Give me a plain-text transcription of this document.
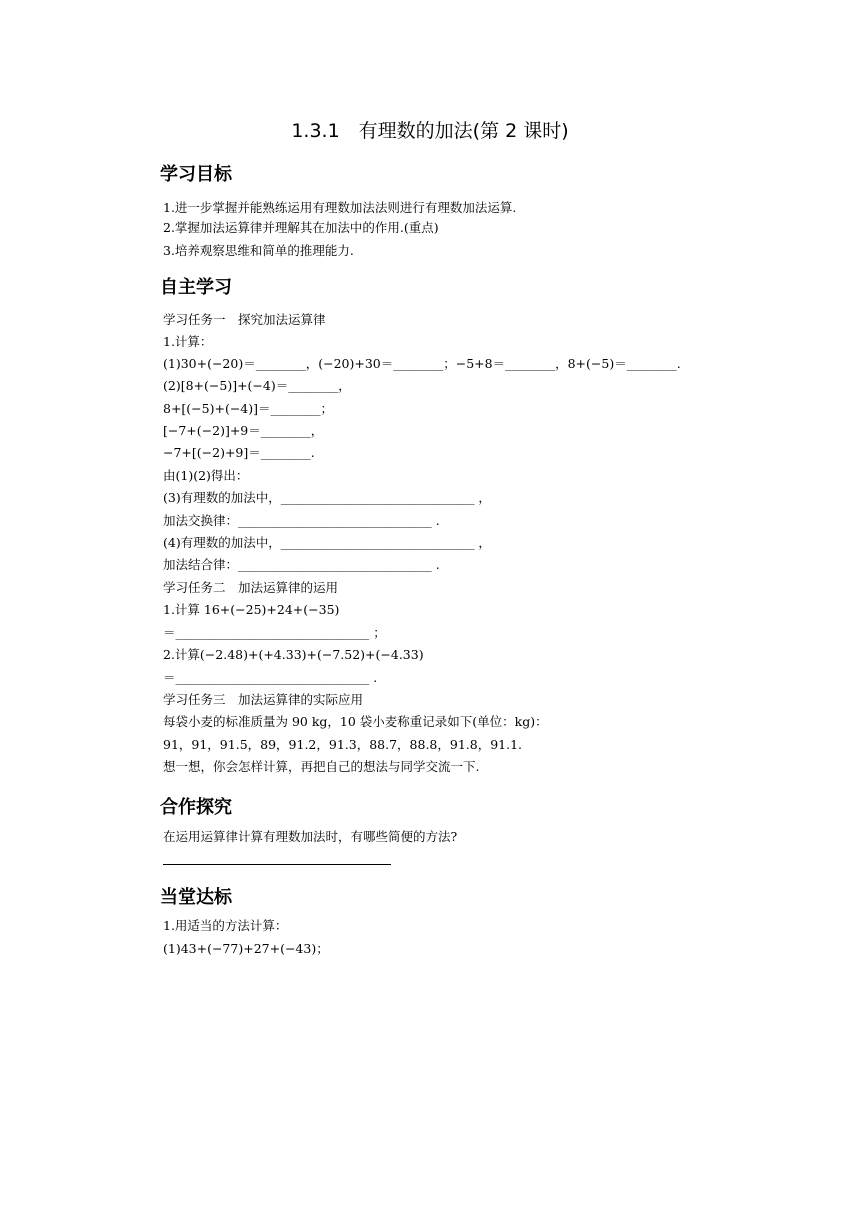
1.3.1　有理数的加法(第 2 课时)
学习目标
1.进一步掌握并能熟练运用有理数加法法则进行有理数加法运算.
2.掌握加法运算律并理解其在加法中的作用.(重点)
3.培养观察思维和简单的推理能力.
自主学习
学习任务一　探究加法运算律
1.计算：
(1)30+(−20)＝________，(−20)+30＝________；−5+8＝________，8+(−5)＝________.
(2)[8+(−5)]+(−4)＝________，
8+[(−5)+(−4)]＝________；
[−7+(−2)]+9＝________，
−7+[(−2)+9]＝________.
由(1)(2)得出：
(3)有理数的加法中，_______________________________ ，
加法交换律：_______________________________ .
(4)有理数的加法中，_______________________________ ，
加法结合律：_______________________________ .
学习任务二　加法运算律的运用
1.计算 16+(−25)+24+(−35)
＝_______________________________ ；
2.计算(−2.48)+(+4.33)+(−7.52)+(−4.33)
＝_______________________________ .
学习任务三　加法运算律的实际应用
每袋小麦的标准质量为 90 kg，10 袋小麦称重记录如下(单位：kg)：
91，91，91.5，89，91.2，91.3，88.7，88.8，91.8，91.1.
想一想，你会怎样计算，再把自己的想法与同学交流一下.
合作探究
在运用运算律计算有理数加法时，有哪些简便的方法?
当堂达标
1.用适当的方法计算：
(1)43+(−77)+27+(−43)；
